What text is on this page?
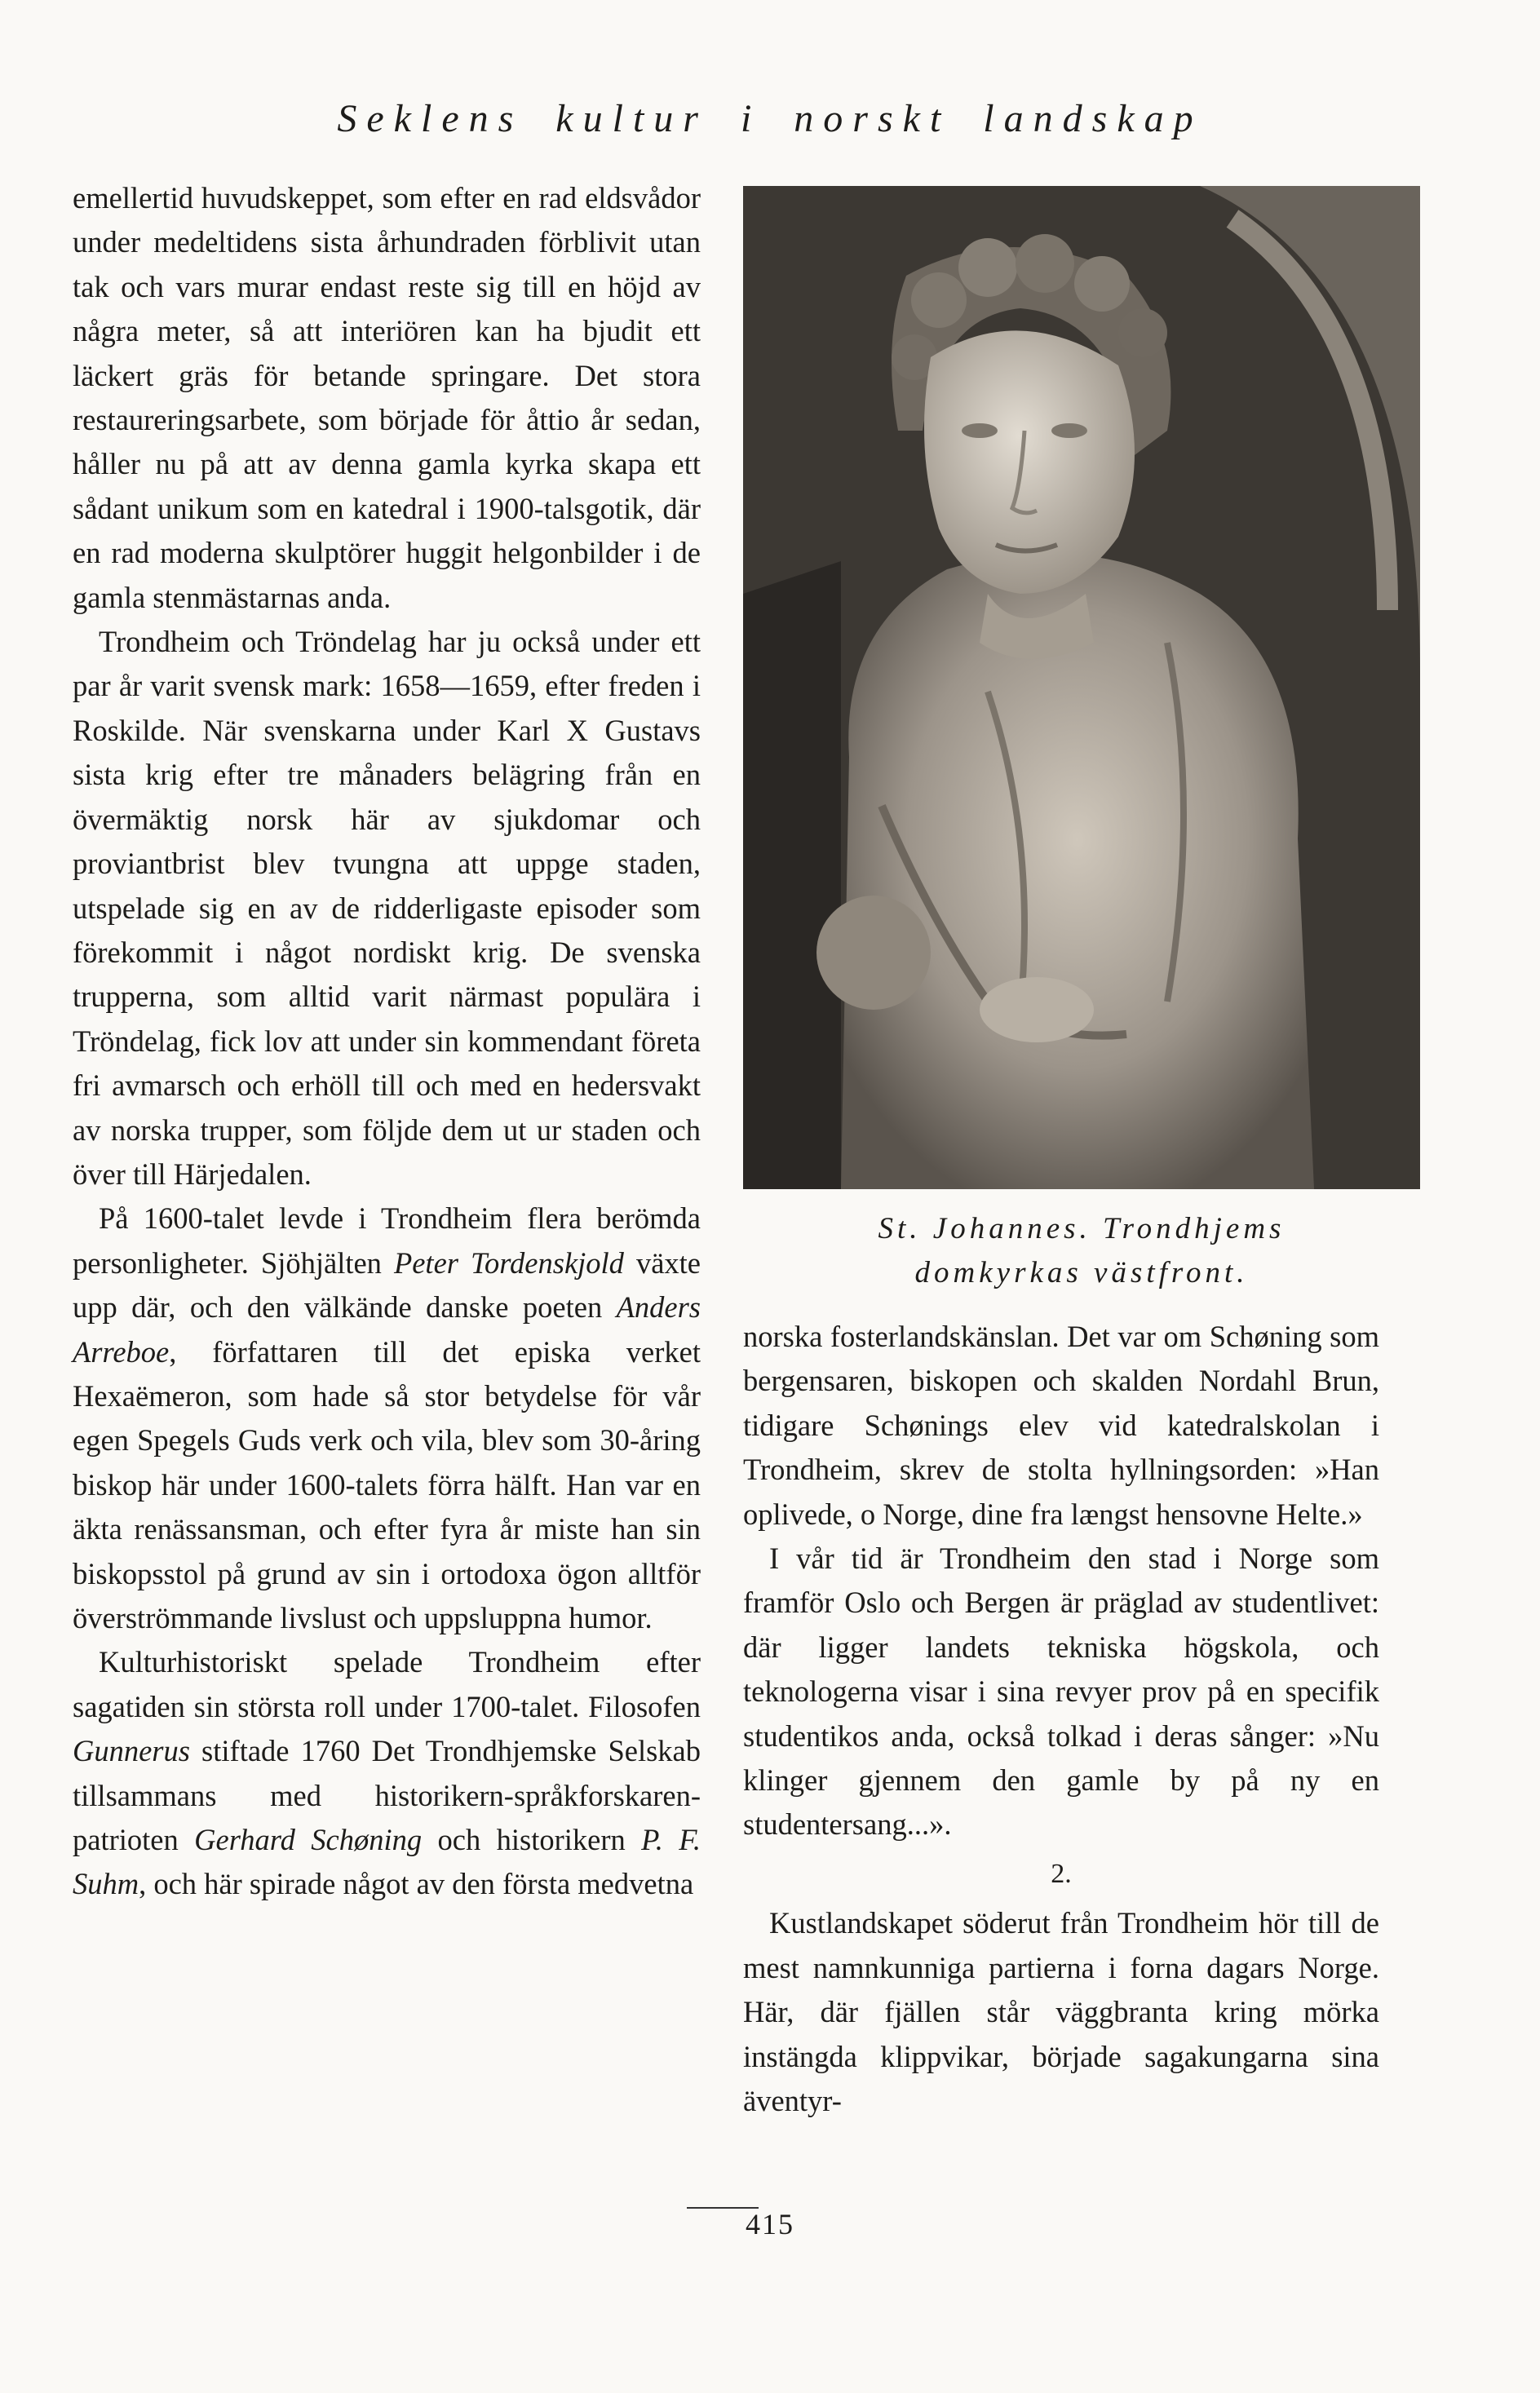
Seklens kultur i norskt landskap

emellertid huvudskeppet, som efter en rad eldsvådor under medeltidens sista århundraden förblivit utan tak och vars murar endast reste sig till en höjd av några meter, så att interiören kan ha bjudit ett läckert gräs för betande springare. Det stora restaureringsarbete, som började för åttio år sedan, håller nu på att av denna gamla kyrka skapa ett sådant unikum som en katedral i 1900-talsgotik, där en rad moderna skulptörer huggit helgonbilder i de gamla stenmästarnas anda.

Trondheim och Tröndelag har ju också under ett par år varit svensk mark: 1658—1659, efter freden i Roskilde. När svenskarna under Karl X Gustavs sista krig efter tre månaders belägring från en övermäktig norsk här av sjukdomar och proviantbrist blev tvungna att uppge staden, utspelade sig en av de ridderligaste episoder som förekommit i något nordiskt krig. De svenska trupperna, som alltid varit närmast populära i Tröndelag, fick lov att under sin kommendant företa fri avmarsch och erhöll till och med en hedersvakt av norska trupper, som följde dem ut ur staden och över till Härjedalen.

På 1600-talet levde i Trondheim flera berömda personligheter. Sjöhjälten Peter Tordenskjold växte upp där, och den välkände danske poeten Anders Arreboe, författaren till det episka verket Hexaëmeron, som hade så stor betydelse för vår egen Spegels Guds verk och vila, blev som 30-åring biskop här under 1600-talets förra hälft. Han var en äkta renässansman, och efter fyra år miste han sin biskopsstol på grund av sin i ortodoxa ögon alltför överströmmande livslust och uppsluppna humor.

Kulturhistoriskt spelade Trondheim efter sagatiden sin största roll under 1700-talet. Filosofen Gunnerus stiftade 1760 Det Trondhjemske Selskab tillsammans med historikern-språkforskaren-patrioten Gerhard Schøning och historikern P. F. Suhm, och här spirade något av den första medvetna

St. Johannes. Trondhjems
domkyrkas västfront.

norska fosterlandskänslan. Det var om Schøning som bergensaren, biskopen och skalden Nordahl Brun, tidigare Schønings elev vid katedralskolan i Trondheim, skrev de stolta hyllningsorden: »Han oplivede, o Norge, dine fra længst hensovne Helte.»

I vår tid är Trondheim den stad i Norge som framför Oslo och Bergen är präglad av studentlivet: där ligger landets tekniska högskola, och teknologerna visar i sina revyer prov på en specifik studentikos anda, också tolkad i deras sånger: »Nu klinger gjennem den gamle by på ny en studentersang...».

2.

Kustlandskapet söderut från Trondheim hör till de mest namnkunniga partierna i forna dagars Norge. Här, där fjällen står väggbranta kring mörka instängda klippvikar, började sagakungarna sina äventyr-

415
